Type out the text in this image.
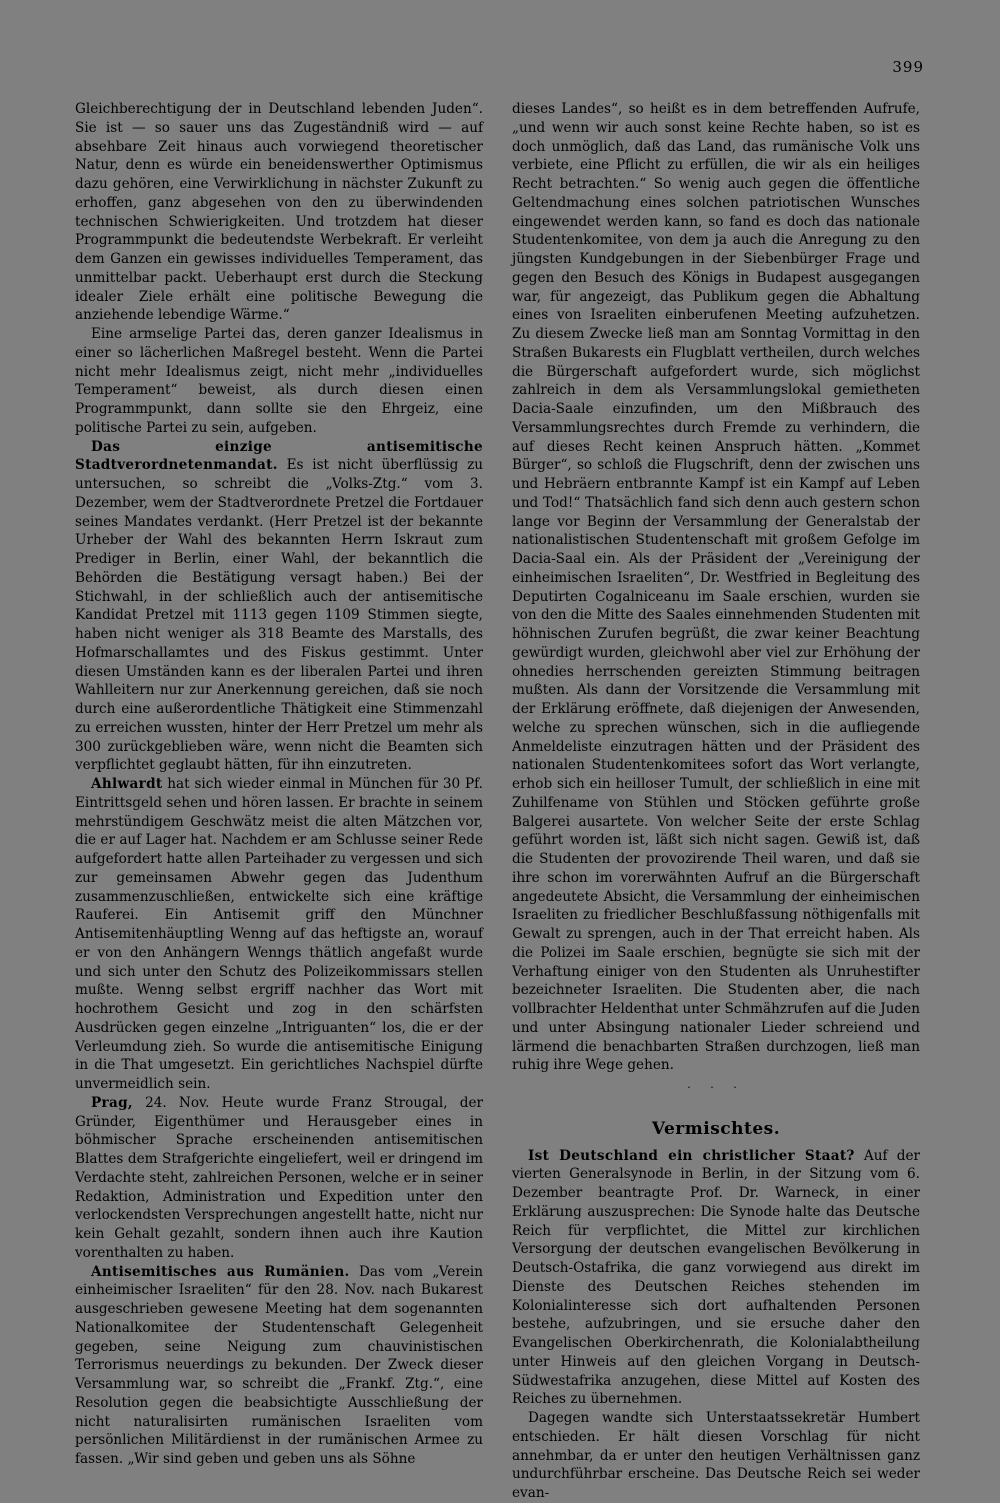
399

Gleichberechtigung der in Deutschland lebenden Juden“. Sie ist — so sauer uns das Zugeständniß wird — auf absehbare Zeit hinaus auch vorwiegend theoretischer Natur, denn es würde ein beneidenswerther Optimismus dazu gehören, eine Verwirklichung in nächster Zukunft zu erhoffen, ganz abgesehen von den zu überwindenden technischen Schwierigkeiten. Und trotzdem hat dieser Programmpunkt die bedeutendste Werbekraft. Er verleiht dem Ganzen ein gewisses individuelles Temperament, das unmittelbar packt. Ueberhaupt erst durch die Steckung idealer Ziele erhält eine politische Bewegung die anziehende lebendige Wärme.“

Eine armselige Partei das, deren ganzer Idealismus in einer so lächerlichen Maßregel besteht. Wenn die Partei nicht mehr Idealismus zeigt, nicht mehr „individuelles Temperament“ beweist, als durch diesen einen Programmpunkt, dann sollte sie den Ehrgeiz, eine politische Partei zu sein, aufgeben.

Das einzige antisemitische Stadtverordnetenmandat. Es ist nicht überflüssig zu untersuchen, so schreibt die „Volks-Ztg.“ vom 3. Dezember, wem der Stadtverordnete Pretzel die Fortdauer seines Mandates verdankt. (Herr Pretzel ist der bekannte Urheber der Wahl des bekannten Herrn Iskraut zum Prediger in Berlin, einer Wahl, der bekanntlich die Behörden die Bestätigung versagt haben.) Bei der Stichwahl, in der schließlich auch der antisemitische Kandidat Pretzel mit 1113 gegen 1109 Stimmen siegte, haben nicht weniger als 318 Beamte des Marstalls, des Hofmarschallamtes und des Fiskus gestimmt. Unter diesen Umständen kann es der liberalen Partei und ihren Wahlleitern nur zur Anerkennung gereichen, daß sie noch durch eine außerordentliche Thätigkeit eine Stimmenzahl zu erreichen wussten, hinter der Herr Pretzel um mehr als 300 zurückgeblieben wäre, wenn nicht die Beamten sich verpflichtet geglaubt hätten, für ihn einzutreten.

Ahlwardt hat sich wieder einmal in München für 30 Pf. Eintrittsgeld sehen und hören lassen. Er brachte in seinem mehrstündigem Geschwätz meist die alten Mätzchen vor, die er auf Lager hat. Nachdem er am Schlusse seiner Rede aufgefordert hatte allen Parteihader zu vergessen und sich zur gemeinsamen Abwehr gegen das Judenthum zusammenzuschließen, entwickelte sich eine kräftige Rauferei. Ein Antisemit griff den Münchner Antisemitenhäuptling Wenng auf das heftigste an, worauf er von den Anhängern Wenngs thätlich angefaßt wurde und sich unter den Schutz des Polizeikommissars stellen mußte. Wenng selbst ergriff nachher das Wort mit hochrothem Gesicht und zog in den schärfsten Ausdrücken gegen einzelne „Intriguanten“ los, die er der Verleumdung zieh. So wurde die antisemitische Einigung in die That umgesetzt. Ein gerichtliches Nachspiel dürfte unvermeidlich sein.

Prag, 24. Nov. Heute wurde Franz Strougal, der Gründer, Eigenthümer und Herausgeber eines in böhmischer Sprache erscheinenden antisemitischen Blattes dem Strafgerichte eingeliefert, weil er dringend im Verdachte steht, zahlreichen Personen, welche er in seiner Redaktion, Administration und Expedition unter den verlockendsten Versprechungen angestellt hatte, nicht nur kein Gehalt gezahlt, sondern ihnen auch ihre Kaution vorenthalten zu haben.

Antisemitisches aus Rumänien. Das vom „Verein einheimischer Israeliten“ für den 28. Nov. nach Bukarest ausgeschrieben gewesene Meeting hat dem sogenannten Nationalkomitee der Studentenschaft Gelegenheit gegeben, seine Neigung zum chauvinistischen Terrorismus neuerdings zu bekunden. Der Zweck dieser Versammlung war, so schreibt die „Frankf. Ztg.“, eine Resolution gegen die beabsichtigte Ausschließung der nicht naturalisirten rumänischen Israeliten vom persönlichen Militärdienst in der rumänischen Armee zu fassen. „Wir sind geben und geben uns als Söhne

dieses Landes“, so heißt es in dem betreffenden Aufrufe, „und wenn wir auch sonst keine Rechte haben, so ist es doch unmöglich, daß das Land, das rumänische Volk uns verbiete, eine Pflicht zu erfüllen, die wir als ein heiliges Recht betrachten.“ So wenig auch gegen die öffentliche Geltendmachung eines solchen patriotischen Wunsches eingewendet werden kann, so fand es doch das nationale Studentenkomitee, von dem ja auch die Anregung zu den jüngsten Kundgebungen in der Siebenbürger Frage und gegen den Besuch des Königs in Budapest ausgegangen war, für angezeigt, das Publikum gegen die Abhaltung eines von Israeliten einberufenen Meeting aufzuhetzen. Zu diesem Zwecke ließ man am Sonntag Vormittag in den Straßen Bukarests ein Flugblatt vertheilen, durch welches die Bürgerschaft aufgefordert wurde, sich möglichst zahlreich in dem als Versammlungslokal gemietheten Dacia-Saale einzufinden, um den Mißbrauch des Versammlungsrechtes durch Fremde zu verhindern, die auf dieses Recht keinen Anspruch hätten. „Kommet Bürger“, so schloß die Flugschrift, denn der zwischen uns und Hebräern entbrannte Kampf ist ein Kampf auf Leben und Tod!“ Thatsächlich fand sich denn auch gestern schon lange vor Beginn der Versammlung der Generalstab der nationalistischen Studentenschaft mit großem Gefolge im Dacia-Saal ein. Als der Präsident der „Vereinigung der einheimischen Israeliten“, Dr. Westfried in Begleitung des Deputirten Cogalniceanu im Saale erschien, wurden sie von den die Mitte des Saales einnehmenden Studenten mit höhnischen Zurufen begrüßt, die zwar keiner Beachtung gewürdigt wurden, gleichwohl aber viel zur Erhöhung der ohnedies herrschenden gereizten Stimmung beitragen mußten. Als dann der Vorsitzende die Versammlung mit der Erklärung eröffnete, daß diejenigen der Anwesenden, welche zu sprechen wünschen, sich in die aufliegende Anmeldeliste einzutragen hätten und der Präsident des nationalen Studentenkomitees sofort das Wort verlangte, erhob sich ein heilloser Tumult, der schließlich in eine mit Zuhilfename von Stühlen und Stöcken geführte große Balgerei ausartete. Von welcher Seite der erste Schlag geführt worden ist, läßt sich nicht sagen. Gewiß ist, daß die Studenten der provozirende Theil waren, und daß sie ihre schon im vorerwähnten Aufruf an die Bürgerschaft angedeutete Absicht, die Versammlung der einheimischen Israeliten zu friedlicher Beschlußfassung nöthigenfalls mit Gewalt zu sprengen, auch in der That erreicht haben. Als die Polizei im Saale erschien, begnügte sie sich mit der Verhaftung einiger von den Studenten als Unruhestifter bezeichneter Israeliten. Die Studenten aber, die nach vollbrachter Heldenthat unter Schmähzrufen auf die Juden und unter Absingung nationaler Lieder schreiend und lärmend die benachbarten Straßen durchzogen, ließ man ruhig ihre Wege gehen.

· · ·
Vermischtes.

Ist Deutschland ein christlicher Staat? Auf der vierten Generalsynode in Berlin, in der Sitzung vom 6. Dezember beantragte Prof. Dr. Warneck, in einer Erklärung auszusprechen: Die Synode halte das Deutsche Reich für verpflichtet, die Mittel zur kirchlichen Versorgung der deutschen evangelischen Bevölkerung in Deutsch-Ostafrika, die ganz vorwiegend aus direkt im Dienste des Deutschen Reiches stehenden im Kolonialinteresse sich dort aufhaltenden Personen bestehe, aufzubringen, und sie ersuche daher den Evangelischen Oberkirchenrath, die Kolonialabtheilung unter Hinweis auf den gleichen Vorgang in Deutsch-Südwestafrika anzugehen, diese Mittel auf Kosten des Reiches zu übernehmen.

Dagegen wandte sich Unterstaatssekretär Humbert entschieden. Er hält diesen Vorschlag für nicht annehmbar, da er unter den heutigen Verhältnissen ganz undurchführbar erscheine. Das Deutsche Reich sei weder evan-
